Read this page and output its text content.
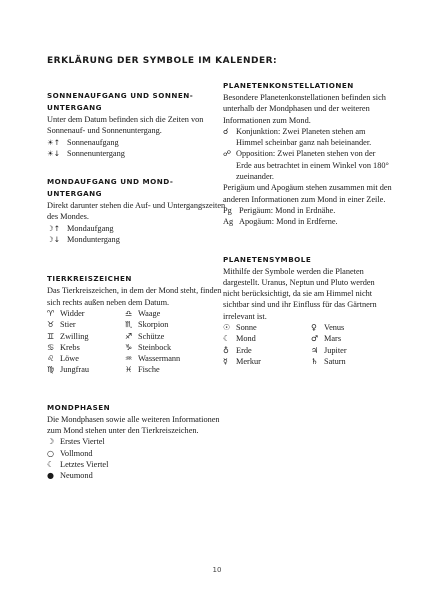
ERKLÄRUNG DER SYMBOLE IM KALENDER:
SONNENAUFGANG UND SONNEN-UNTERGANG
Unter dem Datum befinden sich die Zeiten von Sonnenauf- und Sonnenuntergang.
☀↑ Sonnenaufgang
☀↓ Sonnenuntergang
MONDAUFGANG UND MOND-UNTERGANG
Direkt darunter stehen die Auf- und Untergangszeiten des Mondes.
☽↑ Mondaufgang
☽↓ Monduntergang
TIERKREISZEICHEN
Das Tierkreiszeichen, in dem der Mond steht, finden sich rechts außen neben dem Datum.
♈ Widder	♎ Waage
♉ Stier	♏ Skorpion
♊ Zwilling	♐ Schütze
♋ Krebs	♑ Steinbock
♌ Löwe	♒ Wassermann
♍ Jungfrau	♓ Fische
MONDPHASEN
Die Mondphasen sowie alle weiteren Informationen zum Mond stehen unter den Tierkreiszeichen.
☽ Erstes Viertel
○ Vollmond
☾ Letztes Viertel
● Neumond
PLANETENKONSTELLATIONEN
Besondere Planetenkonstellationen befinden sich unterhalb der Mondphasen und der weiteren Informationen zum Mond.
☌ Konjunktion: Zwei Planeten stehen am Himmel scheinbar ganz nah beieinander.
☍ Opposition: Zwei Planeten stehen von der Erde aus betrachtet in einem Winkel von 180° zueinander.
Perigäum und Apogäum stehen zusammen mit den anderen Informationen zum Mond in einer Zeile.
Pg Perigäum: Mond in Erdnähe.
Ag Apogäum: Mond in Erdferne.
PLANETENSYMBOLE
Mithilfe der Symbole werden die Planeten dargestellt. Uranus, Neptun und Pluto werden nicht berücksichtigt, da sie am Himmel nicht sichtbar sind und ihr Einfluss für das Gärtnern irrelevant ist.
☉ Sonne	♀ Venus
☾ Mond	♂ Mars
♁ Erde	♃ Jupiter
☿ Merkur	♄ Saturn
10
